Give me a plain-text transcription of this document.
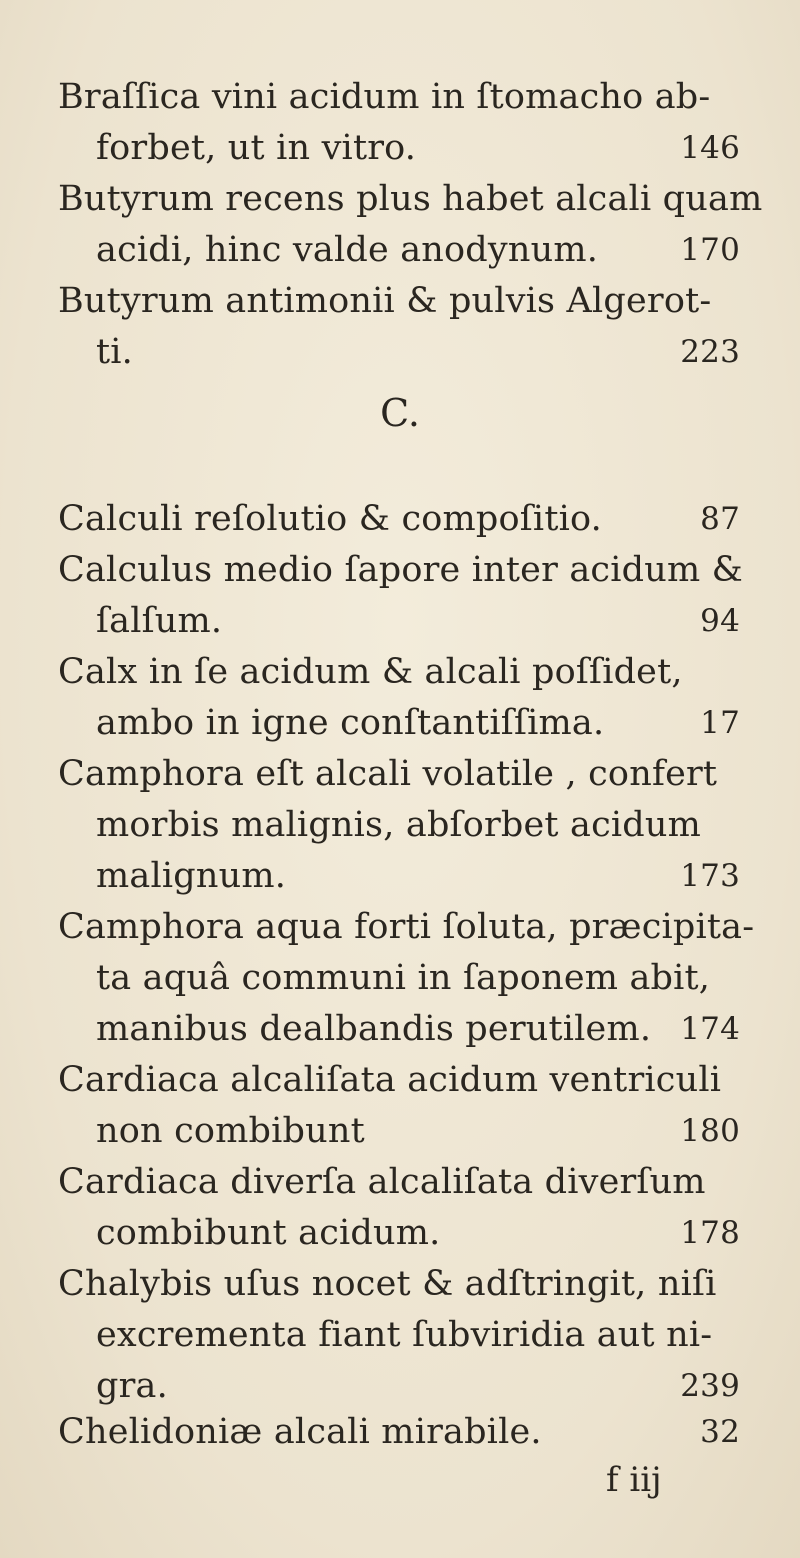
Braſſica vini acidum in ſtomacho ab-
forbet, ut in vitro.	146
Butyrum recens plus habet alcali quam
acidi, hinc valde anodynum.	170
Butyrum antimonii & pulvis Algerot-
ti.	223
C.
Calculi reſolutio & compoſitio.	87
Calculus medio ſapore inter acidum &
ſalſum.	94
Calx in ſe acidum & alcali poſſidet,
ambo in igne conſtantiſſima.	17
Camphora eſt alcali volatile , confert
morbis malignis, abſorbet acidum
malignum.	173
Camphora aqua forti ſoluta, præcipita-
ta aquâ communi in ſaponem abit,
manibus dealbandis perutilem. 174
Cardiaca alcaliſata acidum ventriculi
non combibunt	180
Cardiaca diverſa alcaliſata diverſum
combibunt acidum.	178
Chalybis uſus nocet & adſtringit, niſi
excrementa fiant ſubviridia aut ni-
gra.	239
Chelidoniæ alcali mirabile.	32
f iij
